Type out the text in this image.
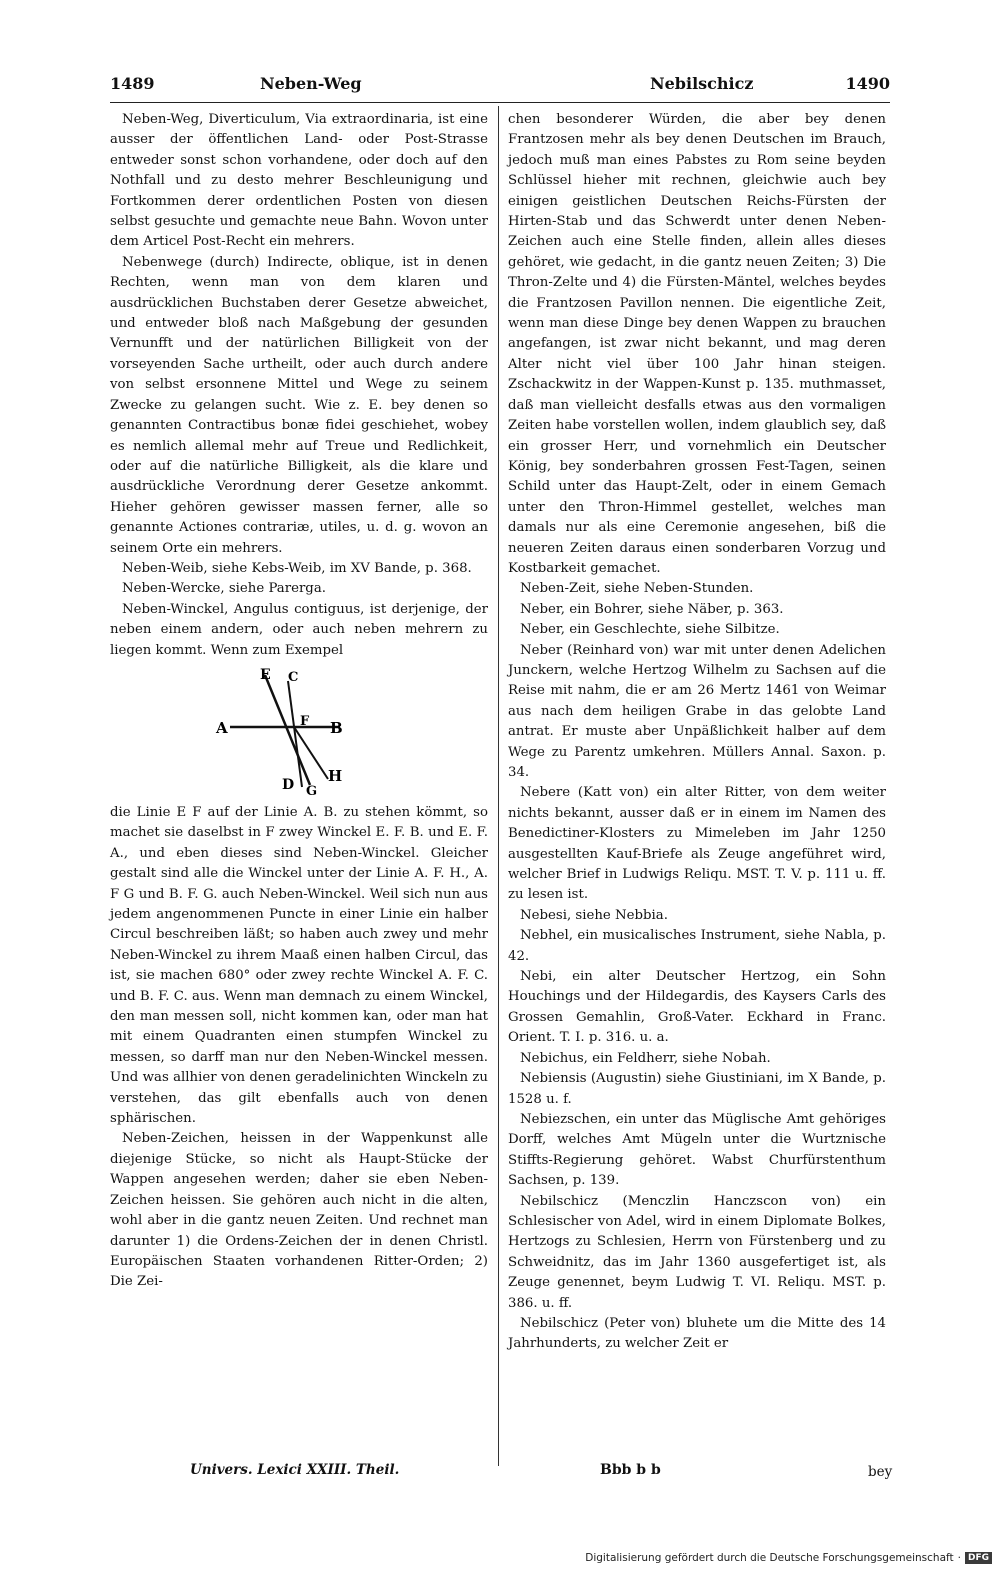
1489	Neben-Weg	Nebilschicz	1490

Neben-Weg, Diverticulum, Via extraordinaria, ist eine ausser der öffentlichen Land- oder Post-Strasse entweder sonst schon vorhandene, oder doch auf den Nothfall und zu desto mehrer Beschleunigung und Fortkommen derer ordentlichen Posten von diesen selbst gesuchte und gemachte neue Bahn. Wovon unter dem Articel Post-Recht ein mehrers.

Nebenwege (durch) Indirecte, oblique, ist in denen Rechten, wenn man von dem klaren und ausdrücklichen Buchstaben derer Gesetze abweichet, und entweder bloß nach Maßgebung der gesunden Vernunfft und der natürlichen Billigkeit von der vorseyenden Sache urtheilt, oder auch durch andere von selbst ersonnene Mittel und Wege zu seinem Zwecke zu gelangen sucht. Wie z. E. bey denen so genannten Contractibus bonæ fidei geschiehet, wobey es nemlich allemal mehr auf Treue und Redlichkeit, oder auf die natürliche Billigkeit, als die klare und ausdrückliche Verordnung derer Gesetze ankommt. Hieher gehören gewisser massen ferner, alle so genannte Actiones contrariæ, utiles, u. d. g. wovon an seinem Orte ein mehrers.

Neben-Weib, siehe Kebs-Weib, im XV Bande, p. 368.

Neben-Wercke, siehe Parerga.

Neben-Winckel, Angulus contiguus, ist derjenige, der neben einem andern, oder auch neben mehrern zu liegen kommt. Wenn zum Exempel

E C
A	F B
D G
H

die Linie E F auf der Linie A. B. zu stehen kömmt, so machet sie daselbst in F zwey Winckel E. F. B. und E. F. A., und eben dieses sind Neben-Winckel. Gleicher gestalt sind alle die Winckel unter der Linie A. F. H., A. F G und B. F. G. auch Neben-Winckel. Weil sich nun aus jedem angenommenen Puncte in einer Linie ein halber Circul beschreiben läßt; so haben auch zwey und mehr Neben-Winckel zu ihrem Maaß einen halben Circul, das ist, sie machen 680° oder zwey rechte Winckel A. F. C. und B. F. C. aus. Wenn man demnach zu einem Winckel, den man messen soll, nicht kommen kan, oder man hat mit einem Quadranten einen stumpfen Winckel zu messen, so darff man nur den Neben-Winckel messen. Und was allhier von denen geradelinichten Winckeln zu verstehen, das gilt ebenfalls auch von denen sphärischen.

Neben-Zeichen, heissen in der Wappenkunst alle diejenige Stücke, so nicht als Haupt-Stücke der Wappen angesehen werden; daher sie eben Neben-Zeichen heissen. Sie gehören auch nicht in die alten, wohl aber in die gantz neuen Zeiten. Und rechnet man darunter 1) die Ordens-Zeichen der in denen Christl. Europäischen Staaten vorhandenen Ritter-Orden; 2) Die Zei-

chen besonderer Würden, die aber bey denen Frantzosen mehr als bey denen Deutschen im Brauch, jedoch muß man eines Pabstes zu Rom seine beyden Schlüssel hieher mit rechnen, gleichwie auch bey einigen geistlichen Deutschen Reichs-Fürsten der Hirten-Stab und das Schwerdt unter denen Neben-Zeichen auch eine Stelle finden, allein alles dieses gehöret, wie gedacht, in die gantz neuen Zeiten; 3) Die Thron-Zelte und 4) die Fürsten-Mäntel, welches beydes die Frantzosen Pavillon nennen. Die eigentliche Zeit, wenn man diese Dinge bey denen Wappen zu brauchen angefangen, ist zwar nicht bekannt, und mag deren Alter nicht viel über 100 Jahr hinan steigen. Zschackwitz in der Wappen-Kunst p. 135. muthmasset, daß man vielleicht desfalls etwas aus den vormaligen Zeiten habe vorstellen wollen, indem glaublich sey, daß ein grosser Herr, und vornehmlich ein Deutscher König, bey sonderbahren grossen Fest-Tagen, seinen Schild unter das Haupt-Zelt, oder in einem Gemach unter den Thron-Himmel gestellet, welches man damals nur als eine Ceremonie angesehen, biß die neueren Zeiten daraus einen sonderbaren Vorzug und Kostbarkeit gemachet.

Neben-Zeit, siehe Neben-Stunden.

Neber, ein Bohrer, siehe Näber, p. 363.

Neber, ein Geschlechte, siehe Silbitze.

Neber (Reinhard von) war mit unter denen Adelichen Junckern, welche Hertzog Wilhelm zu Sachsen auf die Reise mit nahm, die er am 26 Mertz 1461 von Weimar aus nach dem heiligen Grabe in das gelobte Land antrat. Er muste aber Unpäßlichkeit halber auf dem Wege zu Parentz umkehren. Müllers Annal. Saxon. p. 34.

Nebere (Katt von) ein alter Ritter, von dem weiter nichts bekannt, ausser daß er in einem im Namen des Benedictiner-Klosters zu Mimeleben im Jahr 1250 ausgestellten Kauf-Briefe als Zeuge angeführet wird, welcher Brief in Ludwigs Reliqu. MST. T. V. p. 111 u. ff. zu lesen ist.

Nebesi, siehe Nebbia.

Nebhel, ein musicalisches Instrument, siehe Nabla, p. 42.

Nebi, ein alter Deutscher Hertzog, ein Sohn Houchings und der Hildegardis, des Kaysers Carls des Grossen Gemahlin, Groß-Vater. Eckhard in Franc. Orient. T. I. p. 316. u. a.

Nebichus, ein Feldherr, siehe Nobah.

Nebiensis (Augustin) siehe Giustiniani, im X Bande, p. 1528 u. f.

Nebiezschen, ein unter das Müglische Amt gehöriges Dorff, welches Amt Mügeln unter die Wurtznische Stiffts-Regierung gehöret. Wabst Churfürstenthum Sachsen, p. 139.

Nebilschicz (Menczlin Hanczscon von) ein Schlesischer von Adel, wird in einem Diplomate Bolkes, Hertzogs zu Schlesien, Herrn von Fürstenberg und zu Schweidnitz, das im Jahr 1360 ausgefertiget ist, als Zeuge genennet, beym Ludwig T. VI. Reliqu. MST. p. 386. u. ff.

Nebilschicz (Peter von) bluhete um die Mitte des 14 Jahrhunderts, zu welcher Zeit er

Univers. Lexici XXIII. Theil.	Bbb b b	bey
Digitalisierung gefördert durch die Deutsche Forschungsgemeinschaft · DFG
